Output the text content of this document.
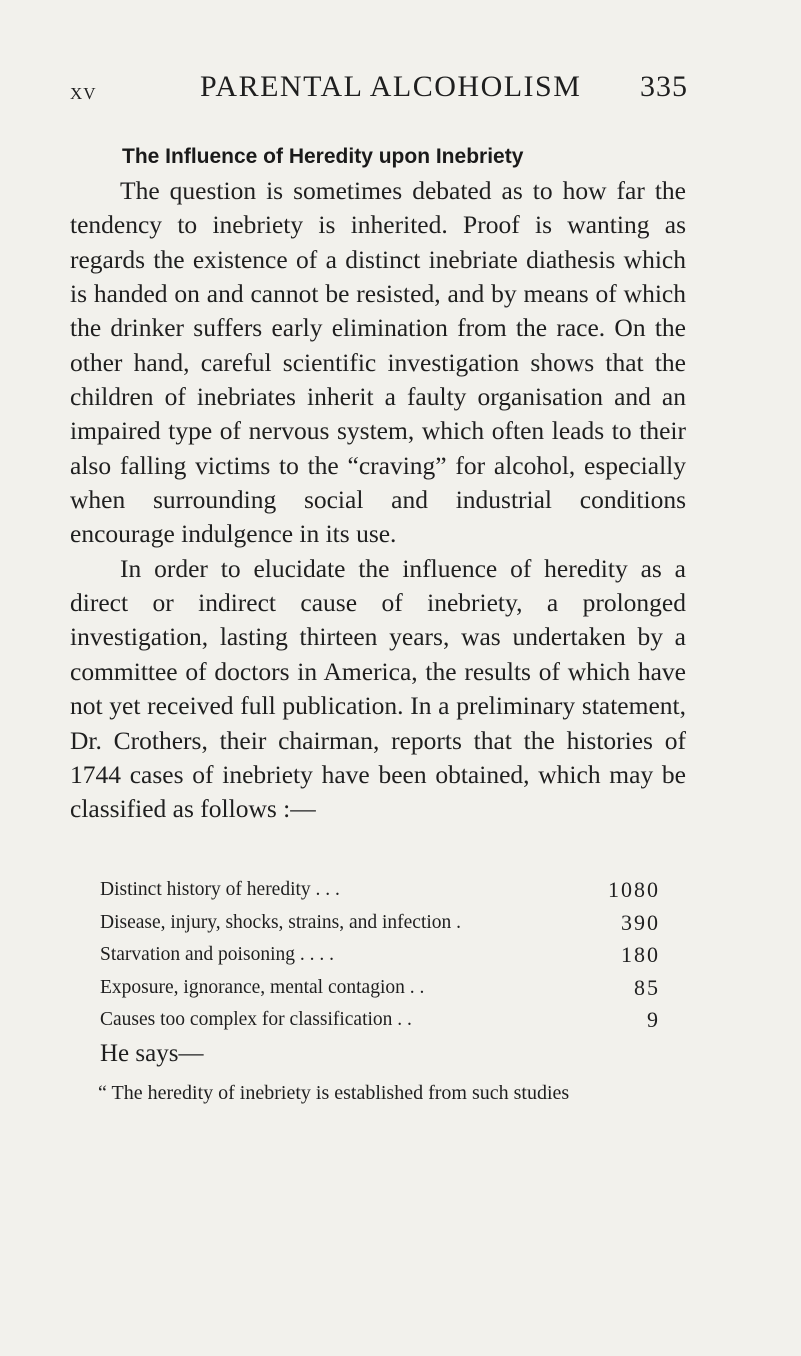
XV	PARENTAL ALCOHOLISM 335
The Influence of Heredity upon Inebriety

The question is sometimes debated as to how far the tendency to inebriety is inherited. Proof is wanting as regards the existence of a distinct inebriate diathesis which is handed on and cannot be resisted, and by means of which the drinker suffers early elimination from the race. On the other hand, careful scientific investigation shows that the children of inebriates inherit a faulty organisation and an impaired type of nervous system, which often leads to their also falling victims to the “craving” for alcohol, especially when surrounding social and industrial conditions encourage indulgence in its use.

In order to elucidate the influence of heredity as a direct or indirect cause of inebriety, a prolonged investigation, lasting thirteen years, was undertaken by a committee of doctors in America, the results of which have not yet received full publication. In a preliminary statement, Dr. Crothers, their chairman, reports that the histories of 1744 cases of inebriety have been obtained, which may be classified as follows :—

Distinct history of heredity . . .	1080
Disease, injury, shocks, strains, and infection .	390
Starvation and poisoning . . . .	180
Exposure, ignorance, mental contagion . .	85
Causes too complex for classification . .	9
He says—
“ The heredity of inebriety is established from such studies
